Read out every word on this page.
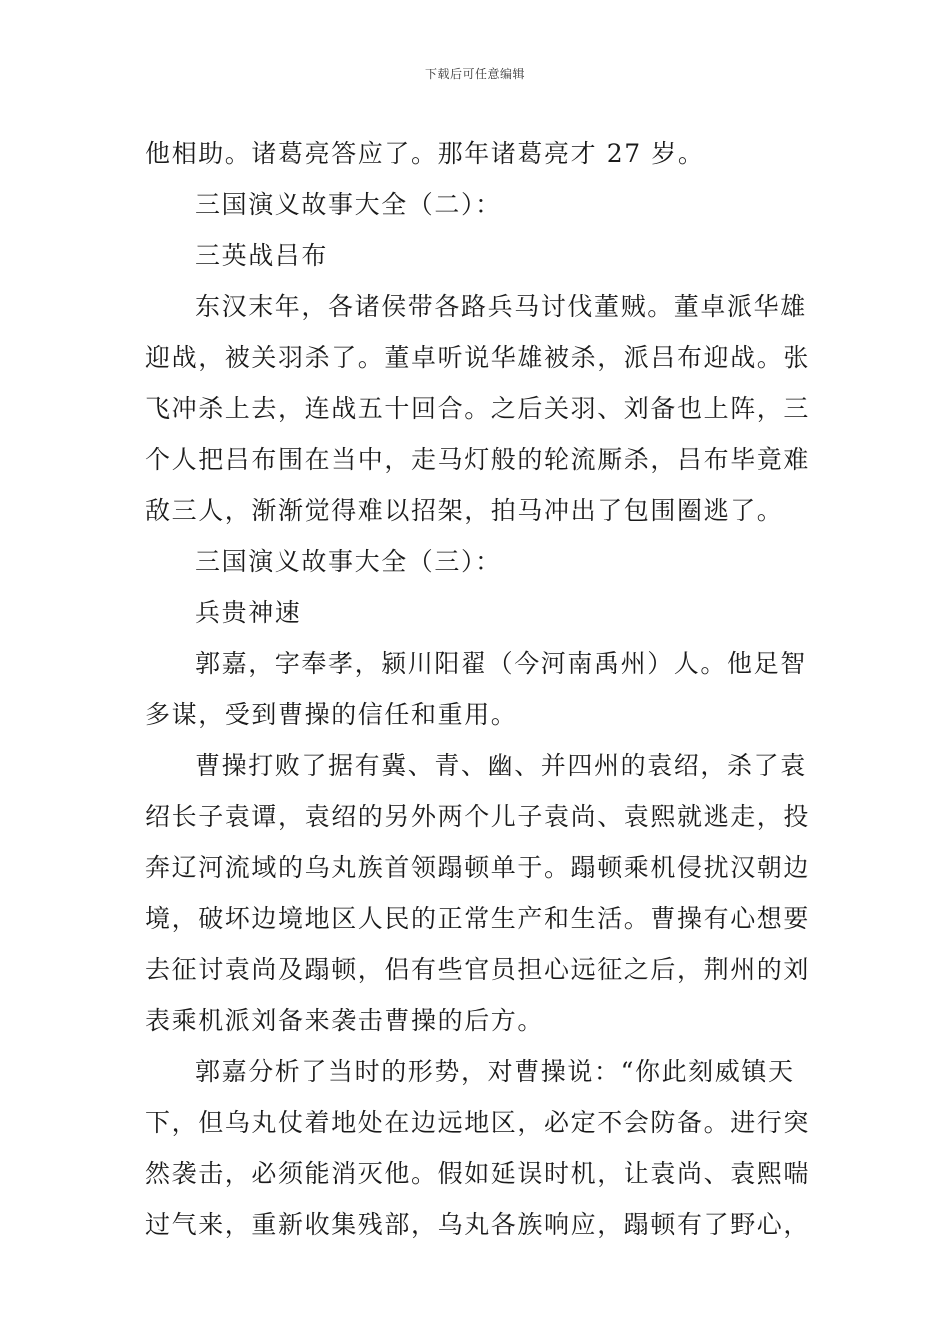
下载后可任意编辑
他相助。诸葛亮答应了。那年诸葛亮才 27 岁。
三国演义故事大全（二）：
三英战吕布
东汉末年，各诸侯带各路兵马讨伐董贼。董卓派华雄
迎战，被关羽杀了。董卓听说华雄被杀，派吕布迎战。张
飞冲杀上去，连战五十回合。之后关羽、刘备也上阵，三
个人把吕布围在当中，走马灯般的轮流厮杀，吕布毕竟难
敌三人，渐渐觉得难以招架，拍马冲出了包围圈逃了。
三国演义故事大全（三）：
兵贵神速
郭嘉，字奉孝，颍川阳翟（今河南禹州）人。他足智
多谋，受到曹操的信任和重用。
曹操打败了据有冀、青、幽、并四州的袁绍，杀了袁
绍长子袁谭，袁绍的另外两个儿子袁尚、袁熙就逃走，投
奔辽河流域的乌丸族首领蹋顿单于。蹋顿乘机侵扰汉朝边
境，破坏边境地区人民的正常生产和生活。曹操有心想要
去征讨袁尚及蹋顿，侣有些官员担心远征之后，荆州的刘
表乘机派刘备来袭击曹操的后方。
郭嘉分析了当时的形势，对曹操说：“你此刻威镇天
下，但乌丸仗着地处在边远地区，必定不会防备。进行突
然袭击，必须能消灭他。假如延误时机，让袁尚、袁熙喘
过气来，重新收集残部，乌丸各族响应，蹋顿有了野心，
